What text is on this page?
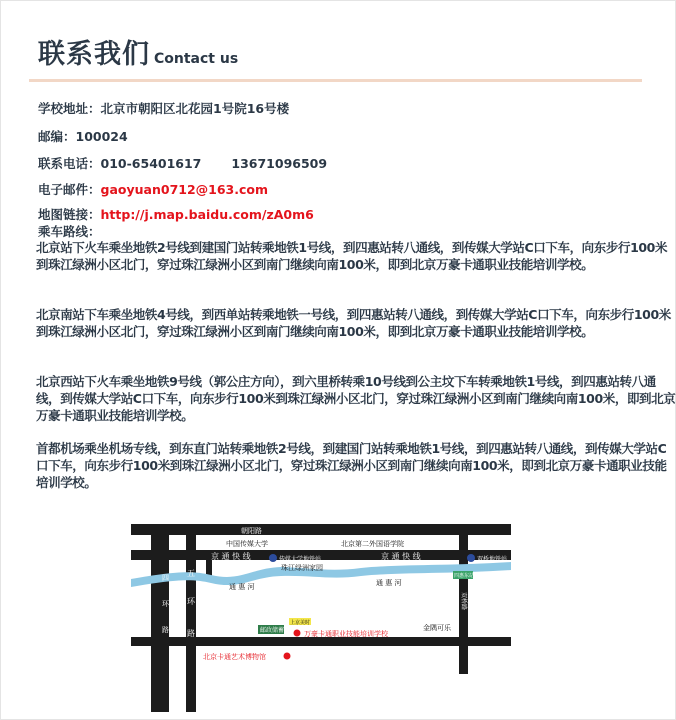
联系我们 Contact us
学校地址：北京市朝阳区北花园1号院16号楼
邮编：100024
联系电话：010-65401617 13671096509
电子邮件：gaoyuan0712@163.com
地图链接：http://j.map.baidu.com/zA0m6
乘车路线：
北京站下火车乘坐地铁2号线到建国门站转乘地铁1号线，到四惠站转八通线，到传媒大学站C口下车，向东步行100米到珠江绿洲小区北门，穿过珠江绿洲小区到南门继续向南100米，即到北京万豪卡通职业技能培训学校。
北京南站下车乘坐地铁4号线，到西单站转乘地铁一号线，到四惠站转八通线，到传媒大学站C口下车，向东步行100米到珠江绿洲小区北门，穿过珠江绿洲小区到南门继续向南100米，即到北京万豪卡通职业技能培训学校。
北京西站下火车乘坐地铁9号线（郭公庄方向），到六里桥转乘10号线到公主坟下车转乘地铁1号线，到四惠站转八通线，到传媒大学站C口下车，向东步行100米到珠江绿洲小区北门，穿过珠江绿洲小区到南门继续向南100米，即到北京万豪卡通职业技能培训学校。
首都机场乘坐机场专线，到东直门站转乘地铁2号线，到建国门站转乘地铁1号线，到四惠站转八通线，到传媒大学站C口下车，向东步行100米到珠江绿洲小区北门，穿过珠江绿洲小区到南门继续向南100米，即到北京万豪卡通职业技能培训学校。
朝阳路
中国传媒大学	北京第二外国语学院
传媒大学地铁站	双桥地铁站
京 通 快 线	京 通 快 线
珠江绿洲家园
通 惠 河	通 惠 河
四
环
路
五
环
路
四惠东站
双桥路
邮政储蓄
上京美时
万豪卡通职业技能培训学校
金隅可乐
北京卡通艺术博物馆
